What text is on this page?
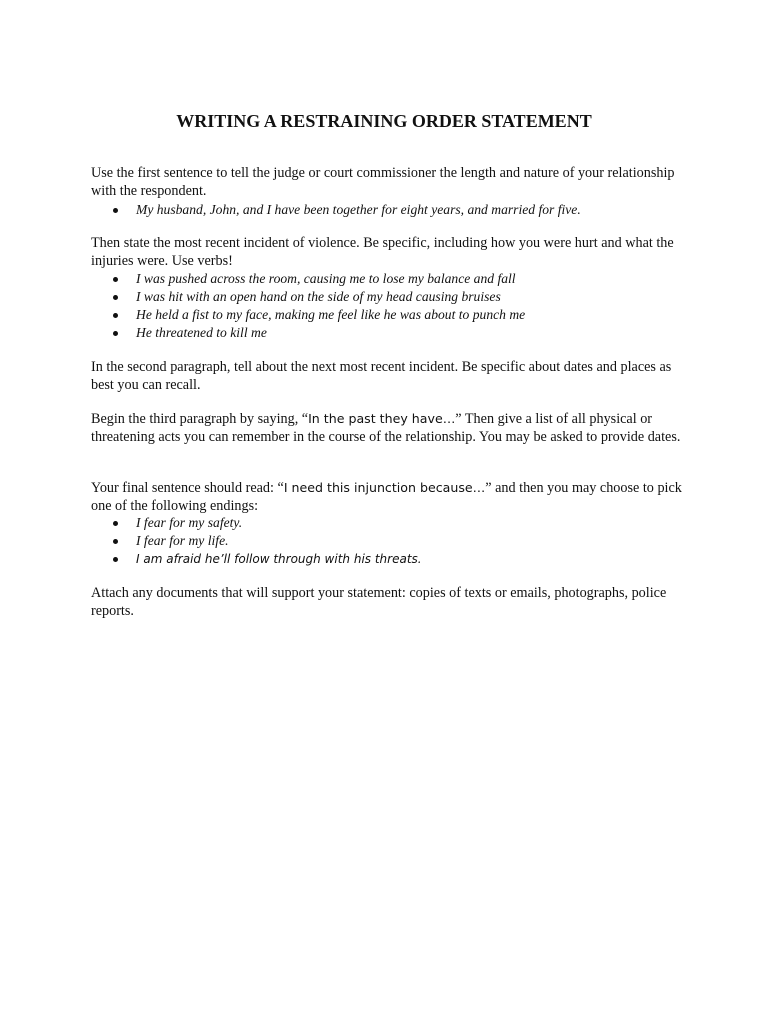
WRITING A RESTRAINING ORDER STATEMENT
Use the first sentence to tell the judge or court commissioner the length and nature of your relationship with the respondent.
My husband, John, and I have been together for eight years, and married for five.
Then state the most recent incident of violence. Be specific, including how you were hurt and what the injuries were. Use verbs!
I was pushed across the room, causing me to lose my balance and fall
I was hit with an open hand on the side of my head causing bruises
He held a fist to my face, making me feel like he was about to punch me
He threatened to kill me
In the second paragraph, tell about the next most recent incident. Be specific about dates and places as best you can recall.
Begin the third paragraph by saying, “In the past they have…” Then give a list of all physical or threatening acts you can remember in the course of the relationship. You may be asked to provide dates.
Your final sentence should read: “I need this injunction because…” and then you may choose to pick one of the following endings:
I fear for my safety.
I fear for my life.
I am afraid he’ll follow through with his threats.
Attach any documents that will support your statement: copies of texts or emails, photographs, police reports.
